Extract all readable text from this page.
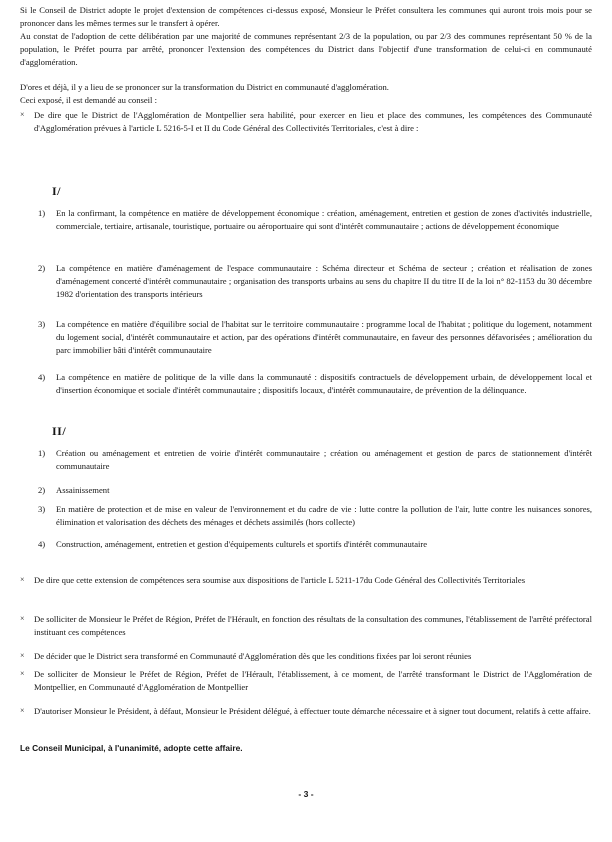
Si le Conseil de District adopte le projet d'extension de compétences ci-dessus exposé, Monsieur le Préfet consultera les communes qui auront trois mois pour se prononcer dans les mêmes termes sur le transfert à opérer.

Au constat de l'adoption de cette délibération par une majorité de communes représentant 2/3 de la population, ou par 2/3 des communes représentant 50 % de la population, le Préfet pourra par arrêté, prononcer l'extension des compétences du District dans l'objectif d'une transformation de celui-ci en communauté d'agglomération.

D'ores et déjà, il y a lieu de se prononcer sur la transformation du District en communauté d'agglomération.

Ceci exposé, il est demandé au conseil :

× De dire que le District de l'Agglomération de Montpellier sera habilité, pour exercer en lieu et place des communes, les compétences des Communauté d'Agglomération prévues à l'article L 5216-5-I et II du Code Général des Collectivités Territoriales, c'est à dire :
I/
1) En la confirmant, la compétence en matière de développement économique : création, aménagement, entretien et gestion de zones d'activités industrielle, commerciale, tertiaire, artisanale, touristique, portuaire ou aéroportuaire qui sont d'intérêt communautaire ; actions de développement économique
2) La compétence en matière d'aménagement de l'espace communautaire : Schéma directeur et Schéma de secteur ; création et réalisation de zones d'aménagement concerté d'intérêt communautaire ; organisation des transports urbains au sens du chapitre II du titre II de la loi n° 82-1153 du 30 décembre 1982 d'orientation des transports intérieurs
3) La compétence en matière d'équilibre social de l'habitat sur le territoire communautaire : programme local de l'habitat ; politique du logement, notamment du logement social, d'intérêt communautaire et action, par des opérations d'intérêt communautaire, en faveur des personnes défavorisées ; amélioration du parc immobilier bâti d'intérêt communautaire
4) La compétence en matière de politique de la ville dans la communauté : dispositifs contractuels de développement urbain, de développement local et d'insertion économique et sociale d'intérêt communautaire ; dispositifs locaux, d'intérêt communautaire, de prévention de la délinquance.
II/
1) Création ou aménagement et entretien de voirie d'intérêt communautaire ; création ou aménagement et gestion de parcs de stationnement d'intérêt communautaire
2) Assainissement
3) En matière de protection et de mise en valeur de l'environnement et du cadre de vie : lutte contre la pollution de l'air, lutte contre les nuisances sonores, élimination et valorisation des déchets des ménages et déchets assimilés (hors collecte)
4) Construction, aménagement, entretien et gestion d'équipements culturels et sportifs d'intérêt communautaire
× De dire que cette extension de compétences sera soumise aux dispositions de l'article L 5211-17du Code Général des Collectivités Territoriales
× De solliciter de Monsieur le Préfet de Région, Préfet de l'Hérault, en fonction des résultats de la consultation des communes, l'établissement de l'arrêté préfectoral instituant ces compétences
× De décider que le District sera transformé en Communauté d'Agglomération dès que les conditions fixées par loi seront réunies
× De solliciter de Monsieur le Préfet de Région, Préfet de l'Hérault, l'établissement, à ce moment, de l'arrêté transformant le District de l'Agglomération de Montpellier, en Communauté d'Agglomération de Montpellier
× D'autoriser Monsieur le Président, à défaut, Monsieur le Président délégué, à effectuer toute démarche nécessaire et à signer tout document, relatifs à cette affaire.
Le Conseil Municipal, à l'unanimité, adopte cette affaire.
- 3 -
